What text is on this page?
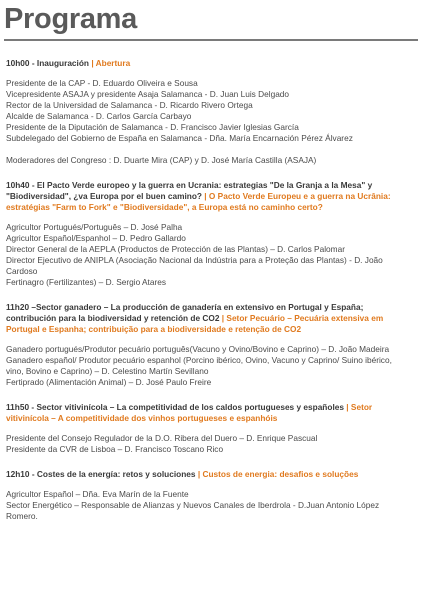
Programa
10h00 - Inauguración | Abertura
Presidente de la CAP - D. Eduardo Oliveira e Sousa
Vicepresidente ASAJA y presidente Asaja Salamanca - D. Juan Luis Delgado
Rector de la Universidad de Salamanca - D. Ricardo Rivero Ortega
Alcalde de Salamanca - D. Carlos García Carbayo
Presidente de la Diputación de Salamanca - D. Francisco Javier Iglesias García
Subdelegado del Gobierno de España en Salamanca - Dña. María Encarnación Pérez Álvarez
Moderadores del Congreso : D. Duarte Mira (CAP) y D. José María Castilla (ASAJA)
10h40 - El Pacto Verde europeo y la guerra en Ucrania: estrategias "De la Granja a la Mesa" y "Biodiversidad", ¿va Europa por el buen camino? | O Pacto Verde Europeu e a guerra na Ucrânia: estratégias "Farm to Fork" e "Biodiversidade", a Europa está no caminho certo?
Agricultor Portugués/Português – D. José Palha
Agricultor Español/Espanhol – D. Pedro Gallardo
Director General de la AEPLA (Productos de Protección de las Plantas) – D. Carlos Palomar
Director Ejecutivo de ANIPLA (Asociação Nacional da Indústria para a Proteção das Plantas) - D. João Cardoso
Fertinagro (Fertilizantes) – D. Sergio Atares
11h20 –Sector ganadero – La producción de ganadería en extensivo en Portugal y España; contribución para la biodiversidad y retención de CO2 | Setor Pecuário – Pecuária extensiva em Portugal e Espanha; contribuição para a biodiversidade e retenção de CO2
Ganadero portugués/Produtor pecuário português(Vacuno y Ovino/Bovino e Caprino) – D. João Madeira
Ganadero español/ Produtor pecuário espanhol (Porcino ibérico, Ovino, Vacuno y Caprino/ Suino ibérico, vino, Bovino e Caprino) – D. Celestino Martín Sevillano
Fertiprado (Alimentación Animal) – D. José Paulo Freire
11h50 - Sector vitivinícola – La competitividad de los caldos portugueses y españoles | Setor vitivinícola – A competitividade dos vinhos portugueses e espanhóis
Presidente del Consejo Regulador de la D.O. Ribera del Duero – D. Enrique Pascual
Presidente da CVR de Lisboa – D. Francisco Toscano Rico
12h10 - Costes de la energía: retos y soluciones | Custos de energia: desafios e soluções
Agricultor Español – Dña. Eva Marín de la Fuente
Sector Energético – Responsable de Alianzas y Nuevos Canales de Iberdrola - D.Juan Antonio López Romero.
